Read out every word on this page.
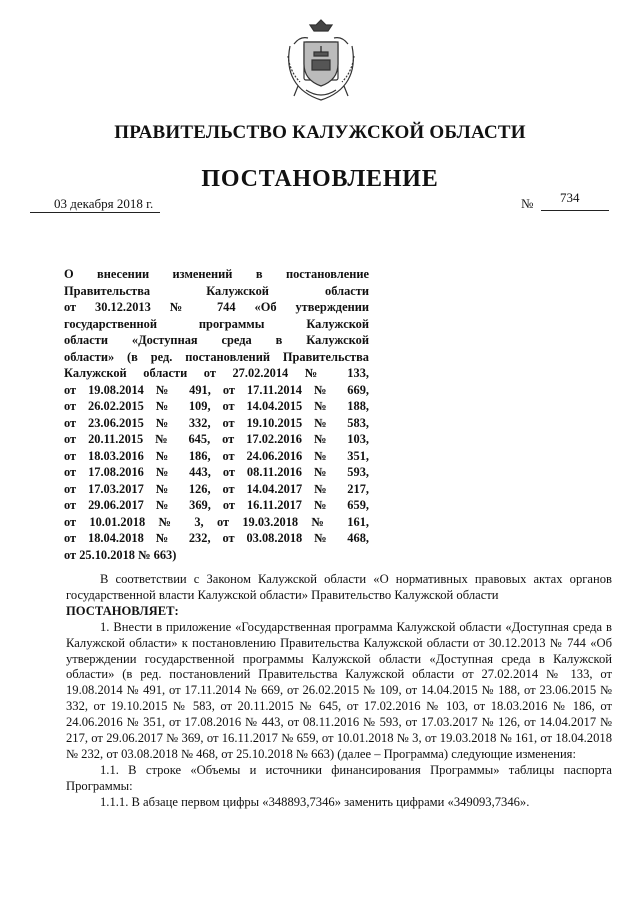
ПРАВИТЕЛЬСТВО КАЛУЖСКОЙ ОБЛАСТИ
ПОСТАНОВЛЕНИЕ
03 декабря 2018 г.	№ 734
О внесении изменений в постановление
Правительства Калужской области
от 30.12.2013 № 744 «Об утверждении
государственной программы Калужской
области «Доступная среда в Калужской
области» (в ред. постановлений Правительства
Калужской области от 27.02.2014 № 133,
от 19.08.2014 № 491, от 17.11.2014 № 669,
от 26.02.2015 № 109, от 14.04.2015 № 188,
от 23.06.2015 № 332, от 19.10.2015 № 583,
от 20.11.2015 № 645, от 17.02.2016 № 103,
от 18.03.2016 № 186, от 24.06.2016 № 351,
от 17.08.2016 № 443, от 08.11.2016 № 593,
от 17.03.2017 № 126, от 14.04.2017 № 217,
от 29.06.2017 № 369, от 16.11.2017 № 659,
от 10.01.2018 № 3, от 19.03.2018 № 161,
от 18.04.2018 № 232, от 03.08.2018 № 468,
от 25.10.2018 № 663)

В соответствии с Законом Калужской области «О нормативных правовых актах органов государственной власти Калужской области» Правительство Калужской области

ПОСТАНОВЛЯЕТ:

1. Внести в приложение «Государственная программа Калужской области «Доступная среда в Калужской области» к постановлению Правительства Калужской области от 30.12.2013 № 744 «Об утверждении государственной программы Калужской области «Доступная среда в Калужской области» (в ред. постановлений Правительства Калужской области от 27.02.2014 № 133, от 19.08.2014 № 491, от 17.11.2014 № 669, от 26.02.2015 № 109, от 14.04.2015 № 188, от 23.06.2015 № 332, от 19.10.2015 № 583, от 20.11.2015 № 645, от 17.02.2016 № 103, от 18.03.2016 № 186, от 24.06.2016 № 351, от 17.08.2016 № 443, от 08.11.2016 № 593, от 17.03.2017 № 126, от 14.04.2017 № 217, от 29.06.2017 № 369, от 16.11.2017 № 659, от 10.01.2018 № 3, от 19.03.2018 № 161, от 18.04.2018 № 232, от 03.08.2018 № 468, от 25.10.2018 № 663) (далее – Программа) следующие изменения:

1.1. В строке «Объемы и источники финансирования Программы» таблицы паспорта Программы:

1.1.1. В абзаце первом цифры «348893,7346» заменить цифрами «349093,7346».
